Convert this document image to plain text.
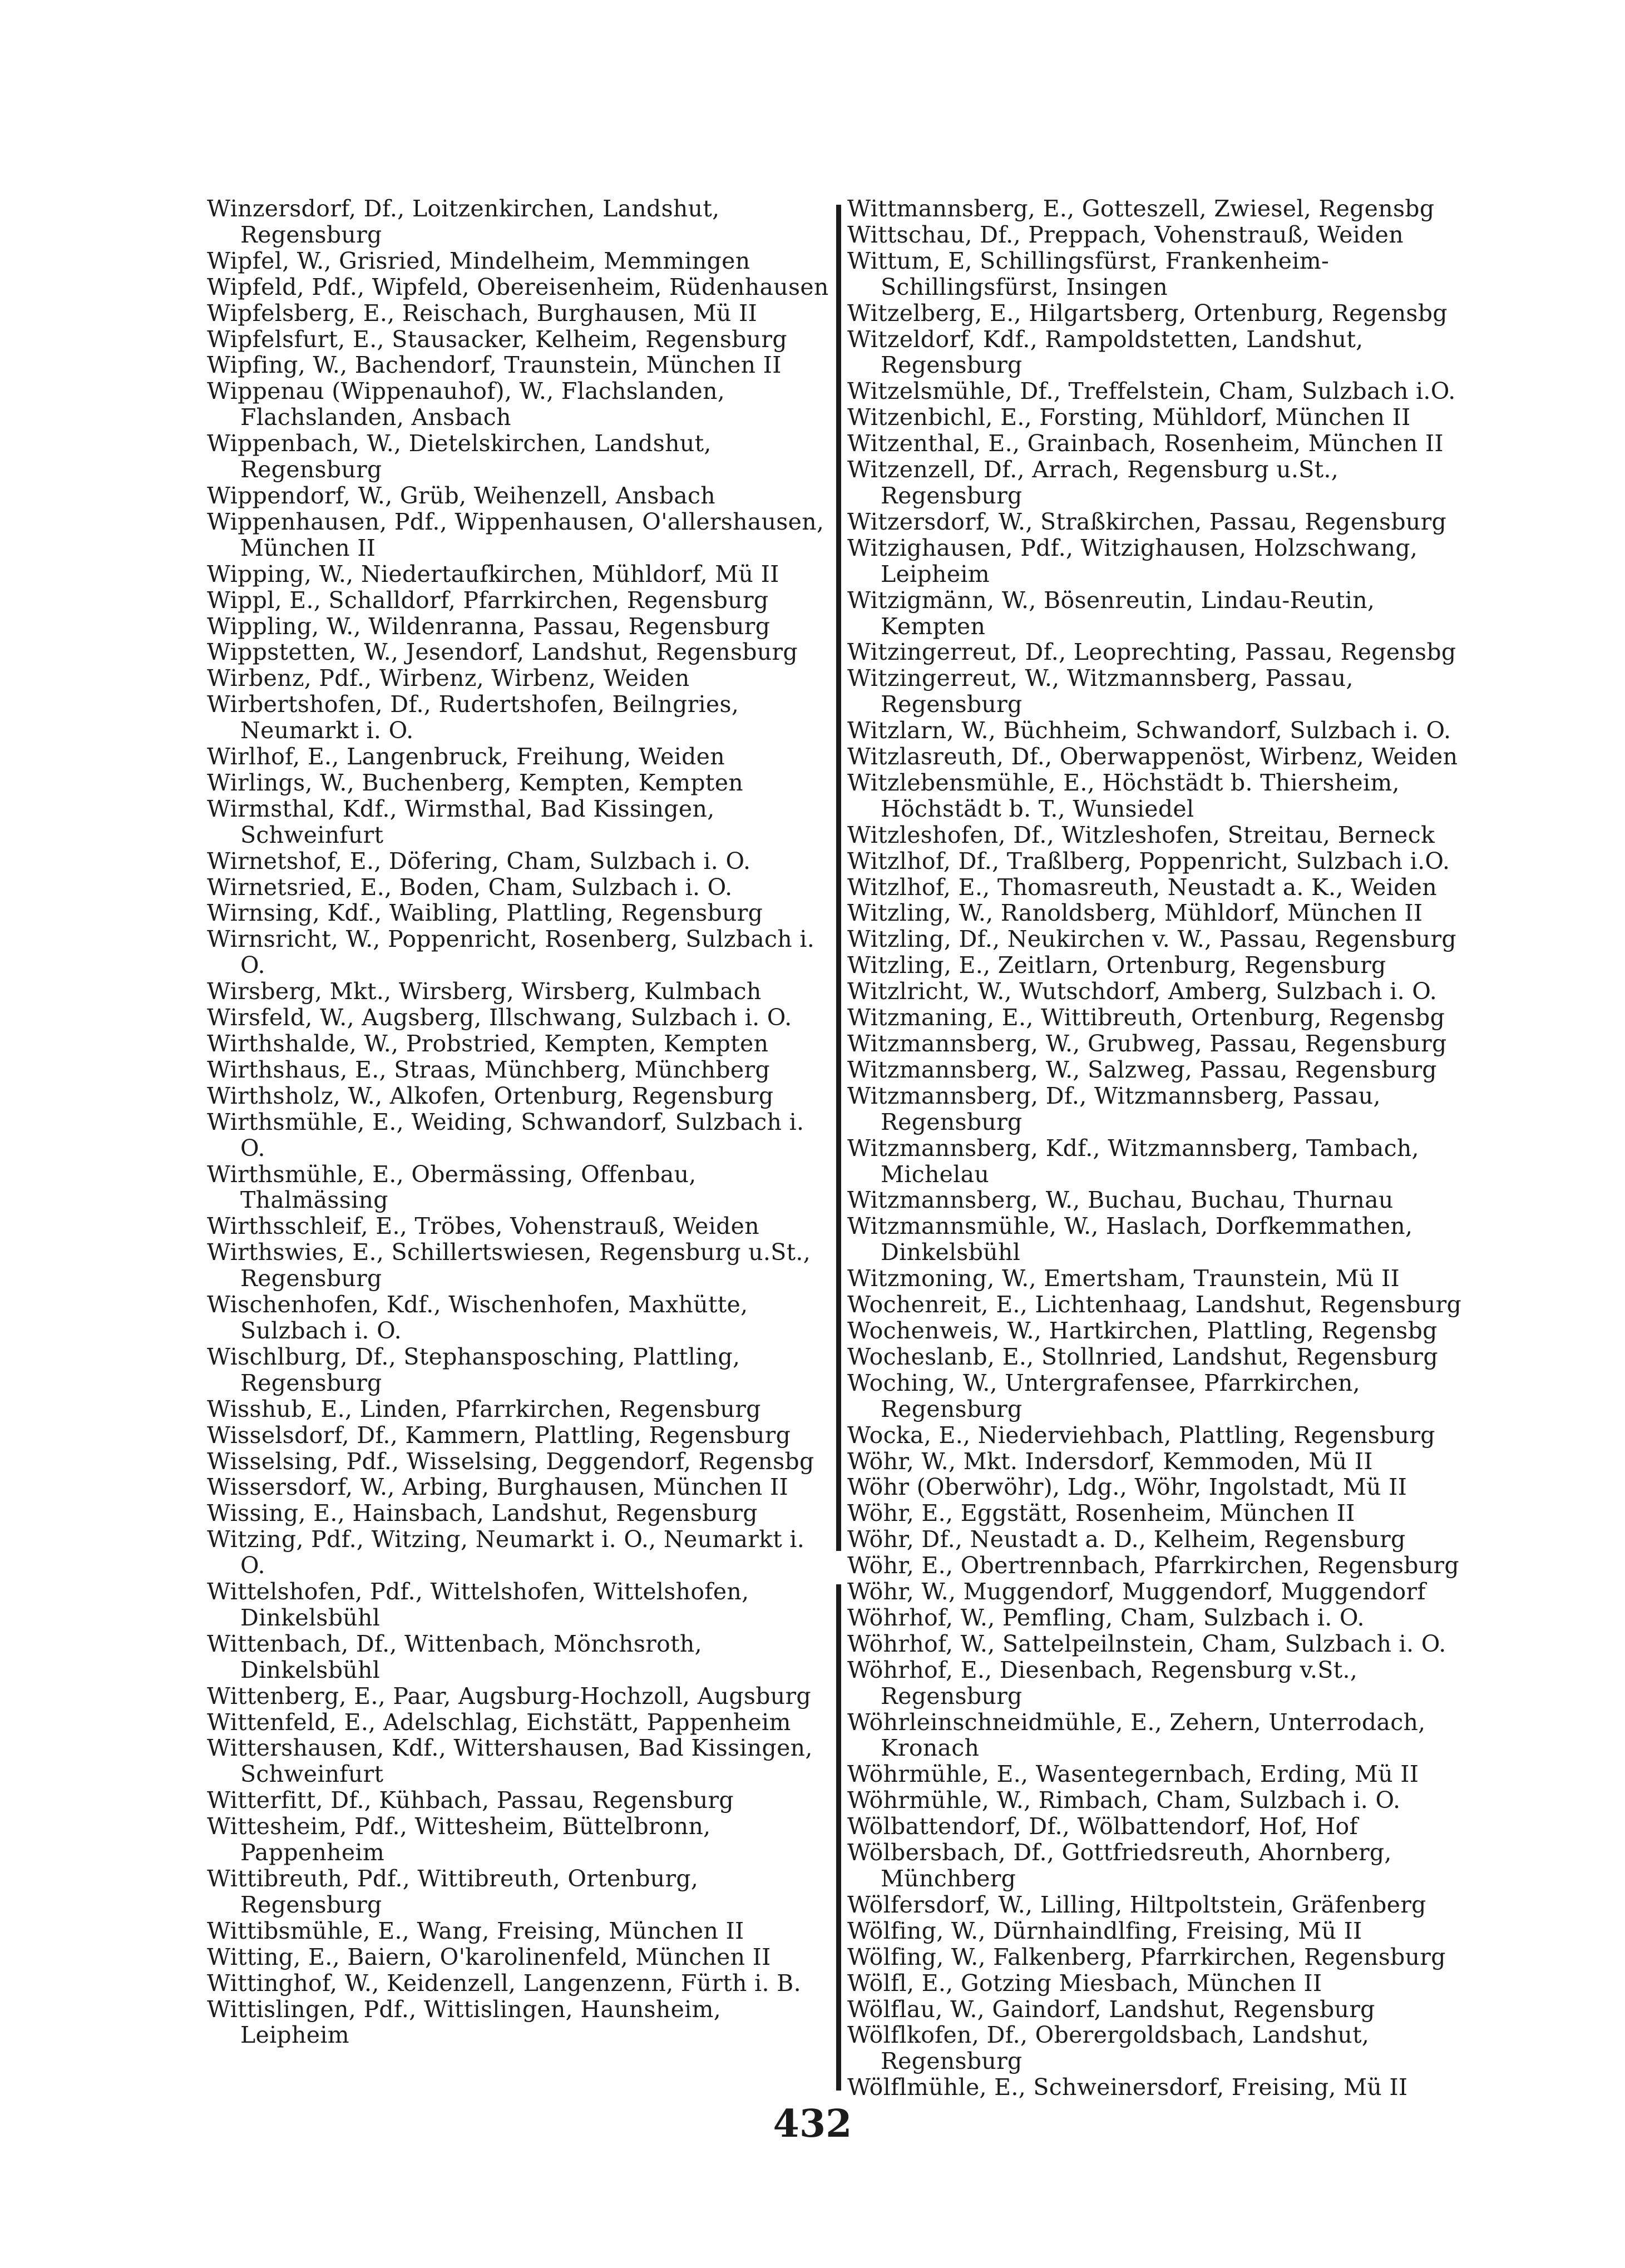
Winzersdorf, Df., Loitzenkirchen, Landshut, Regensburg

Wipfel, W., Grisried, Mindelheim, Memmingen

Wipfeld, Pdf., Wipfeld, Obereisenheim, Rüdenhausen

Wipfelsberg, E., Reischach, Burghausen, Mü II

Wipfelsfurt, E., Stausacker, Kelheim, Regensburg

Wipfing, W., Bachendorf, Traunstein, München II

Wippenau (Wippenauhof), W., Flachslanden, Flachslanden, Ansbach

Wippenbach, W., Dietelskirchen, Landshut, Regensburg

Wippendorf, W., Grüb, Weihenzell, Ansbach

Wippenhausen, Pdf., Wippenhausen, O'allershausen, München II

Wipping, W., Niedertaufkirchen, Mühldorf, Mü II

Wippl, E., Schalldorf, Pfarrkirchen, Regensburg

Wippling, W., Wildenranna, Passau, Regensburg

Wippstetten, W., Jesendorf, Landshut, Regensburg

Wirbenz, Pdf., Wirbenz, Wirbenz, Weiden

Wirbertshofen, Df., Rudertshofen, Beilngries, Neumarkt i. O.

Wirlhof, E., Langenbruck, Freihung, Weiden

Wirlings, W., Buchenberg, Kempten, Kempten

Wirmsthal, Kdf., Wirmsthal, Bad Kissingen, Schweinfurt

Wirnetshof, E., Döfering, Cham, Sulzbach i. O.

Wirnetsried, E., Boden, Cham, Sulzbach i. O.

Wirnsing, Kdf., Waibling, Plattling, Regensburg

Wirnsricht, W., Poppenricht, Rosenberg, Sulzbach i. O.

Wirsberg, Mkt., Wirsberg, Wirsberg, Kulmbach

Wirsfeld, W., Augsberg, Illschwang, Sulzbach i. O.

Wirthshalde, W., Probstried, Kempten, Kempten

Wirthshaus, E., Straas, Münchberg, Münchberg

Wirthsholz, W., Alkofen, Ortenburg, Regensburg

Wirthsmühle, E., Weiding, Schwandorf, Sulzbach i. O.

Wirthsmühle, E., Obermässing, Offenbau, Thalmässing

Wirthsschleif, E., Tröbes, Vohenstrauß, Weiden

Wirthswies, E., Schillertswiesen, Regensburg u.St., Regensburg

Wischenhofen, Kdf., Wischenhofen, Maxhütte, Sulzbach i. O.

Wischlburg, Df., Stephansposching, Plattling, Regensburg

Wisshub, E., Linden, Pfarrkirchen, Regensburg

Wisselsdorf, Df., Kammern, Plattling, Regensburg

Wisselsing, Pdf., Wisselsing, Deggendorf, Regensbg

Wissersdorf, W., Arbing, Burghausen, München II

Wissing, E., Hainsbach, Landshut, Regensburg

Witzing, Pdf., Witzing, Neumarkt i. O., Neumarkt i. O.

Wittelshofen, Pdf., Wittelshofen, Wittelshofen, Dinkelsbühl

Wittenbach, Df., Wittenbach, Mönchsroth, Dinkelsbühl

Wittenberg, E., Paar, Augsburg-Hochzoll, Augsburg

Wittenfeld, E., Adelschlag, Eichstätt, Pappenheim

Wittershausen, Kdf., Wittershausen, Bad Kissingen, Schweinfurt

Witterfitt, Df., Kühbach, Passau, Regensburg

Wittesheim, Pdf., Wittesheim, Büttelbronn, Pappenheim

Wittibreuth, Pdf., Wittibreuth, Ortenburg, Regensburg

Wittibsmühle, E., Wang, Freising, München II

Witting, E., Baiern, O'karolinenfeld, München II

Wittinghof, W., Keidenzell, Langenzenn, Fürth i. B.

Wittislingen, Pdf., Wittislingen, Haunsheim, Leipheim

Wittmannsberg, E., Gotteszell, Zwiesel, Regensbg

Wittschau, Df., Preppach, Vohenstrauß, Weiden

Wittum, E, Schillingsfürst, Frankenheim-Schillingsfürst, Insingen

Witzelberg, E., Hilgartsberg, Ortenburg, Regensbg

Witzeldorf, Kdf., Rampoldstetten, Landshut, Regensburg

Witzelsmühle, Df., Treffelstein, Cham, Sulzbach i.O.

Witzenbichl, E., Forsting, Mühldorf, München II

Witzenthal, E., Grainbach, Rosenheim, München II

Witzenzell, Df., Arrach, Regensburg u.St., Regensburg

Witzersdorf, W., Straßkirchen, Passau, Regensburg

Witzighausen, Pdf., Witzighausen, Holzschwang, Leipheim

Witzigmänn, W., Bösenreutin, Lindau-Reutin, Kempten

Witzingerreut, Df., Leoprechting, Passau, Regensbg

Witzingerreut, W., Witzmannsberg, Passau, Regensburg

Witzlarn, W., Büchheim, Schwandorf, Sulzbach i. O.

Witzlasreuth, Df., Oberwappenöst, Wirbenz, Weiden

Witzlebensmühle, E., Höchstädt b. Thiersheim, Höchstädt b. T., Wunsiedel

Witzleshofen, Df., Witzleshofen, Streitau, Berneck

Witzlhof, Df., Traßlberg, Poppenricht, Sulzbach i.O.

Witzlhof, E., Thomasreuth, Neustadt a. K., Weiden

Witzling, W., Ranoldsberg, Mühldorf, München II

Witzling, Df., Neukirchen v. W., Passau, Regensburg

Witzling, E., Zeitlarn, Ortenburg, Regensburg

Witzlricht, W., Wutschdorf, Amberg, Sulzbach i. O.

Witzmaning, E., Wittibreuth, Ortenburg, Regensbg

Witzmannsberg, W., Grubweg, Passau, Regensburg

Witzmannsberg, W., Salzweg, Passau, Regensburg

Witzmannsberg, Df., Witzmannsberg, Passau, Regensburg

Witzmannsberg, Kdf., Witzmannsberg, Tambach, Michelau

Witzmannsberg, W., Buchau, Buchau, Thurnau

Witzmannsmühle, W., Haslach, Dorfkemmathen, Dinkelsbühl

Witzmoning, W., Emertsham, Traunstein, Mü II

Wochenreit, E., Lichtenhaag, Landshut, Regensburg

Wochenweis, W., Hartkirchen, Plattling, Regensbg

Wocheslanb, E., Stollnried, Landshut, Regensburg

Woching, W., Untergrafensee, Pfarrkirchen, Regensburg

Wocka, E., Niederviehbach, Plattling, Regensburg

Wöhr, W., Mkt. Indersdorf, Kemmoden, Mü II

Wöhr (Oberwöhr), Ldg., Wöhr, Ingolstadt, Mü II

Wöhr, E., Eggstätt, Rosenheim, München II

Wöhr, Df., Neustadt a. D., Kelheim, Regensburg

Wöhr, E., Obertrennbach, Pfarrkirchen, Regensburg

Wöhr, W., Muggendorf, Muggendorf, Muggendorf

Wöhrhof, W., Pemfling, Cham, Sulzbach i. O.

Wöhrhof, W., Sattelpeilnstein, Cham, Sulzbach i. O.

Wöhrhof, E., Diesenbach, Regensburg v.St., Regensburg

Wöhrleinschneidmühle, E., Zehern, Unterrodach, Kronach

Wöhrmühle, E., Wasentegernbach, Erding, Mü II

Wöhrmühle, W., Rimbach, Cham, Sulzbach i. O.

Wölbattendorf, Df., Wölbattendorf, Hof, Hof

Wölbersbach, Df., Gottfriedsreuth, Ahornberg, Münchberg

Wölfersdorf, W., Lilling, Hiltpoltstein, Gräfenberg

Wölfing, W., Dürnhaindlfing, Freising, Mü II

Wölfing, W., Falkenberg, Pfarrkirchen, Regensburg

Wölfl, E., Gotzing Miesbach, München II

Wölflau, W., Gaindorf, Landshut, Regensburg

Wölflkofen, Df., Oberergoldsbach, Landshut, Regensburg

Wölflmühle, E., Schweinersdorf, Freising, Mü II

432
